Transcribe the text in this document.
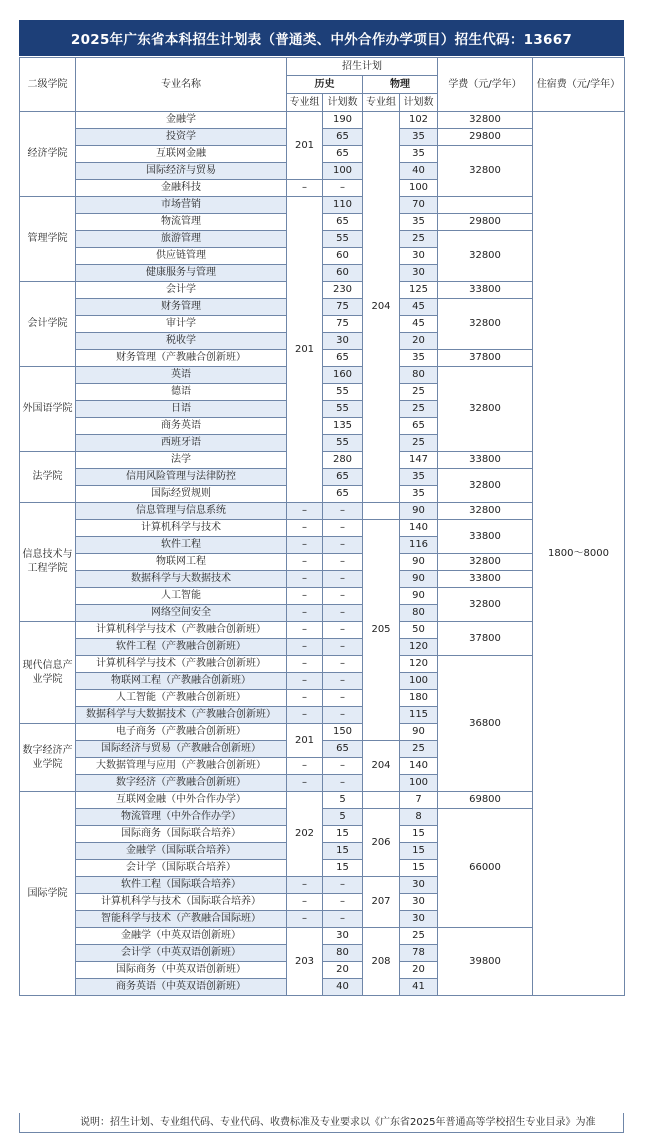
2025年广东省本科招生计划表（普通类、中外合作办学项目）招生代码：13667
二级学院	专业名称	招生计划				学费（元/学年）	住宿费（元/学年）
		历史		物理			
		专业组	计划数	专业组	计划数		
经济学院	金融学	201	190	204	102	32800	1800～8000
	投资学		65		35	29800	
	互联网金融		65		35	32800	
	国际经济与贸易		100		40		
	金融科技	–	–		100		
管理学院	市场营销	201	110		70		
	物流管理		65		35	29800	
	旅游管理		55		25	32800	
	供应链管理		60		30		
	健康服务与管理		60		30		
会计学院	会计学		230		125	33800	
	财务管理		75		45	32800	
	审计学		75		45		
	税收学		30		20		
	财务管理（产教融合创新班）		65		35	37800	
外国语学院	英语		160		80	32800	
	德语		55		25		
	日语		55		25		
	商务英语		135		65		
	西班牙语		55		25		
法学院	法学		280		147	33800	
	信用风险管理与法律防控		65		35	32800	
	国际经贸规则		65		35		
信息技术与工程学院	信息管理与信息系统	–	–		90	32800	
	计算机科学与技术	–	–	205	140	33800	
	软件工程	–	–		116		
	物联网工程	–	–		90	32800	
	数据科学与大数据技术	–	–		90	33800	
	人工智能	–	–		90	32800	
	网络空间安全	–	–		80		
现代信息产业学院	计算机科学与技术（产教融合创新班）	–	–		50	37800	
	软件工程（产教融合创新班）	–	–		120		
	计算机科学与技术（产教融合创新班）	–	–		120	36800	
	物联网工程（产教融合创新班）	–	–		100		
	人工智能（产教融合创新班）	–	–		180		
	数据科学与大数据技术（产教融合创新班）	–	–		115		
数字经济产业学院	电子商务（产教融合创新班）	201	150		90		
	国际经济与贸易（产教融合创新班）		65	204	25		
	大数据管理与应用（产教融合创新班）	–	–		140		
	数字经济（产教融合创新班）	–	–		100		
国际学院	互联网金融（中外合作办学）	202	5		7	69800	
	物流管理（中外合作办学）		5	206	8	66000	
	国际商务（国际联合培养）		15		15		
	金融学（国际联合培养）		15		15		
	会计学（国际联合培养）		15		15		
	软件工程（国际联合培养）	–	–	207	30		
	计算机科学与技术（国际联合培养）	–	–		30		
	智能科学与技术（产教融合国际班）	–	–		30		
	金融学（中英双语创新班）	203	30	208	25	39800	
	会计学（中英双语创新班）		80		78		
	国际商务（中英双语创新班）		20		20		
	商务英语（中英双语创新班）		40		41		
说明：招生计划、专业组代码、专业代码、收费标准及专业要求以《广东省2025年普通高等学校招生专业目录》为准
